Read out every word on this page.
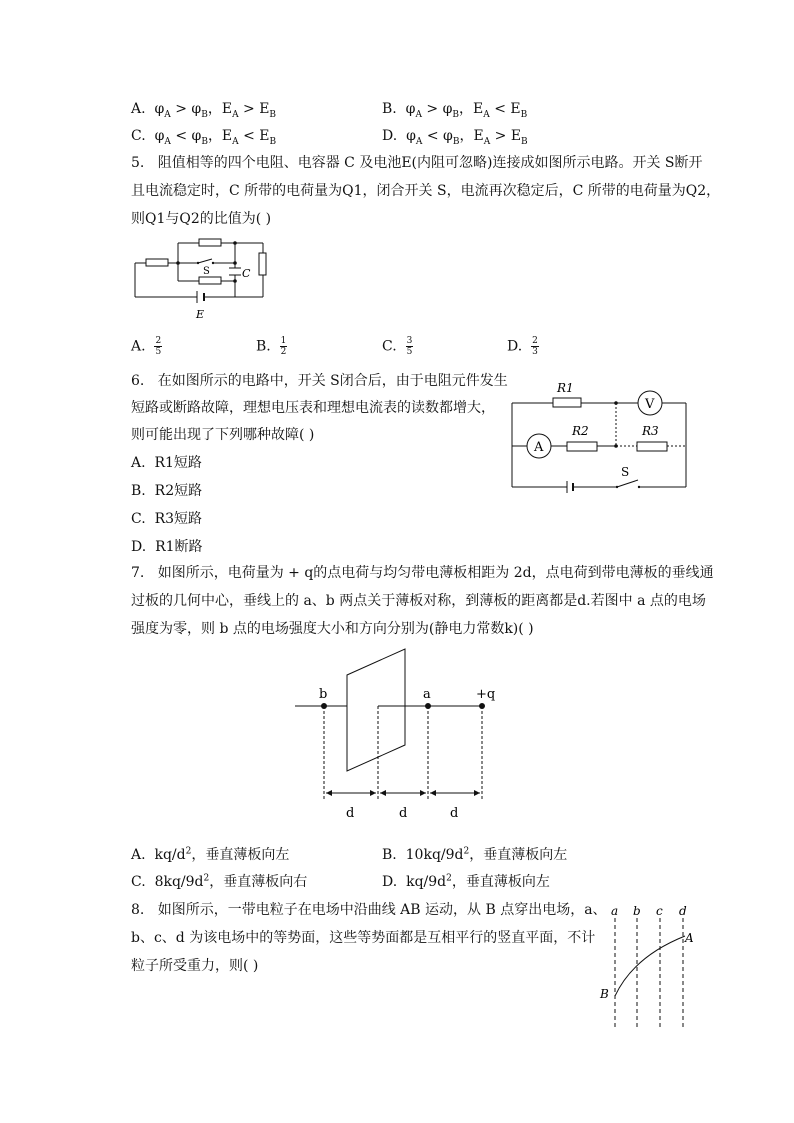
A.  $\varphi_A > \varphi_B$，$E_A > E_B$	B.  $\varphi_A > \varphi_B$，$E_A < E_B$
C.  $\varphi_A < \varphi_B$，$E_A < E_B$	D.  $\varphi_A < \varphi_B$，$E_A > E_B$
5. 阻值相等的四个电阻、电容器 C 及电池E(内阻可忽略)连接成如图所示电路。开关 S断开
且电流稳定时，C 所带的电荷量为Q1，闭合开关 S，电流再次稳定后，C 所带的电荷量为Q2，
则Q1与Q2的比值为( )
S	C
E
A. $\frac{2}{5}$	B. $\frac{1}{2}$	C. $\frac{3}{5}$	D. $\frac{2}{3}$
6. 在如图所示的电路中，开关 S闭合后，由于电阻元件发生
短路或断路故障，理想电压表和理想电流表的读数都增大，
则可能出现了下列哪种故障( )
A. R1短路
B. R2短路
C. R3短路
D. R1断路
R1
R2	R3
V
A
S
7. 如图所示，电荷量为 + q的点电荷与均匀带电薄板相距为 2d，点电荷到带电薄板的垂线通
过板的几何中心，垂线上的 a、b 两点关于薄板对称，到薄板的距离都是d.若图中 a 点的电场
强度为零，则 b 点的电场强度大小和方向分别为(静电力常数k)( )
b	a	+q
d	d	d
A.  $kq/d^2$，垂直薄板向左	B.  $10kq/9d^2$，垂直薄板向左
C.  $8kq/9d^2$，垂直薄板向右	D.  $kq/9d^2$，垂直薄板向左
8. 如图所示，一带电粒子在电场中沿曲线 AB 运动，从 B 点穿出电场，a、
b、c、d 为该电场中的等势面，这些等势面都是互相平行的竖直平面，不计
粒子所受重力，则( )
a b c d
A
B
